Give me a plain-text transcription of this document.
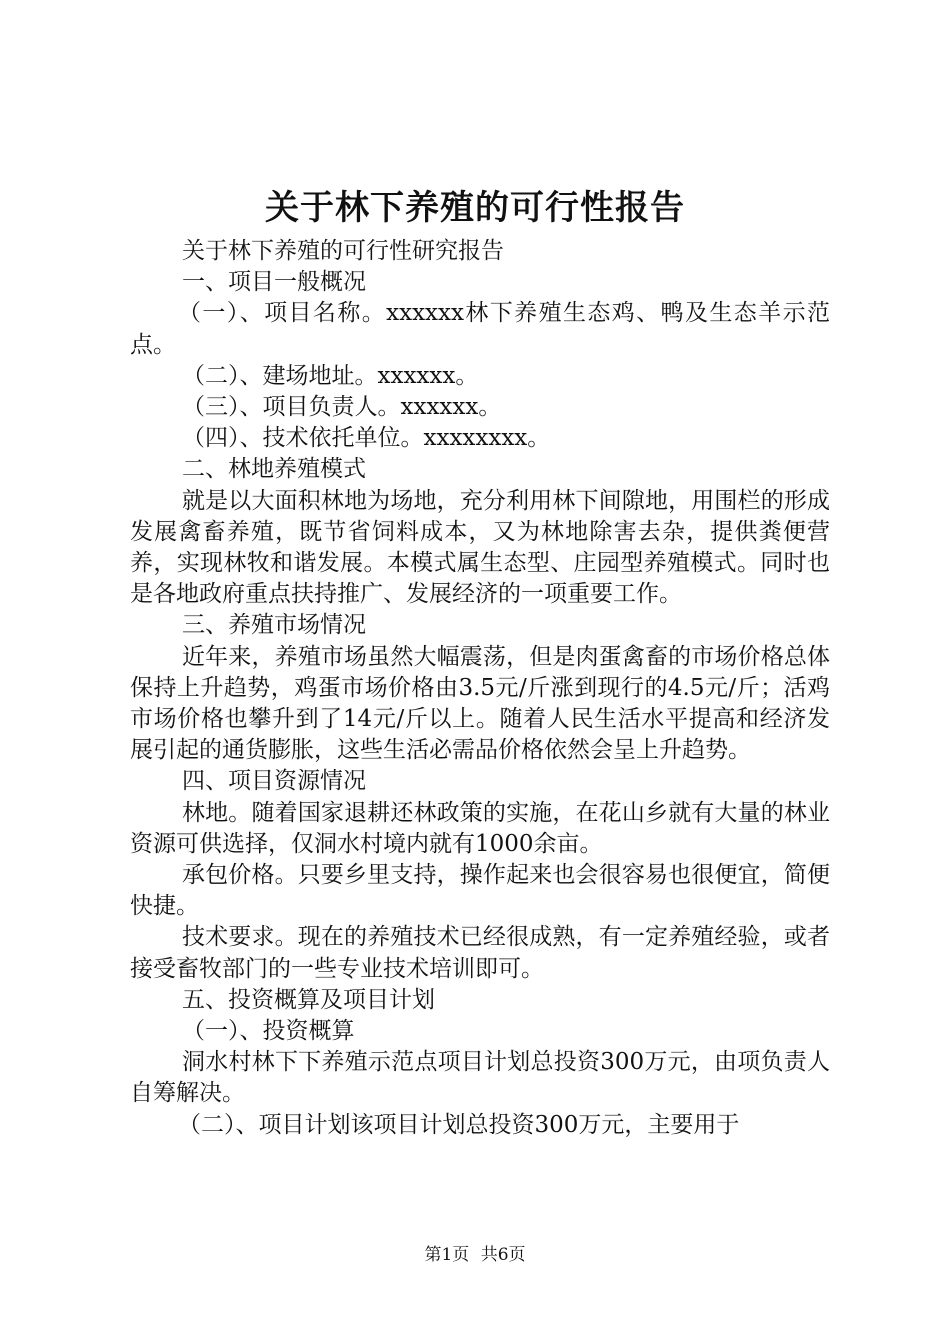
关于林下养殖的可行性报告

关于林下养殖的可行性研究报告

一、项目一般概况

（一）、项目名称。xxxxxx林下养殖生态鸡、鸭及生态羊示范点。

（二）、建场地址。xxxxxx。

（三）、项目负责人。xxxxxx。

（四）、技术依托单位。xxxxxxxx。

二、林地养殖模式

就是以大面积林地为场地，充分利用林下间隙地，用围栏的形成发展禽畜养殖，既节省饲料成本，又为林地除害去杂，提供粪便营养，实现林牧和谐发展。本模式属生态型、庄园型养殖模式。同时也是各地政府重点扶持推广、发展经济的一项重要工作。

三、养殖市场情况

近年来，养殖市场虽然大幅震荡，但是肉蛋禽畜的市场价格总体保持上升趋势，鸡蛋市场价格由3.5元/斤涨到现行的4.5元/斤；活鸡市场价格也攀升到了14元/斤以上。随着人民生活水平提高和经济发展引起的通货膨胀，这些生活必需品价格依然会呈上升趋势。

四、项目资源情况

林地。随着国家退耕还林政策的实施，在花山乡就有大量的林业资源可供选择，仅洞水村境内就有1000余亩。

承包价格。只要乡里支持，操作起来也会很容易也很便宜，简便快捷。

技术要求。现在的养殖技术已经很成熟，有一定养殖经验，或者接受畜牧部门的一些专业技术培训即可。

五、投资概算及项目计划

（一）、投资概算

洞水村林下下养殖示范点项目计划总投资300万元，由项负责人自筹解决。

（二）、项目计划该项目计划总投资300万元，主要用于

第1页 共6页
